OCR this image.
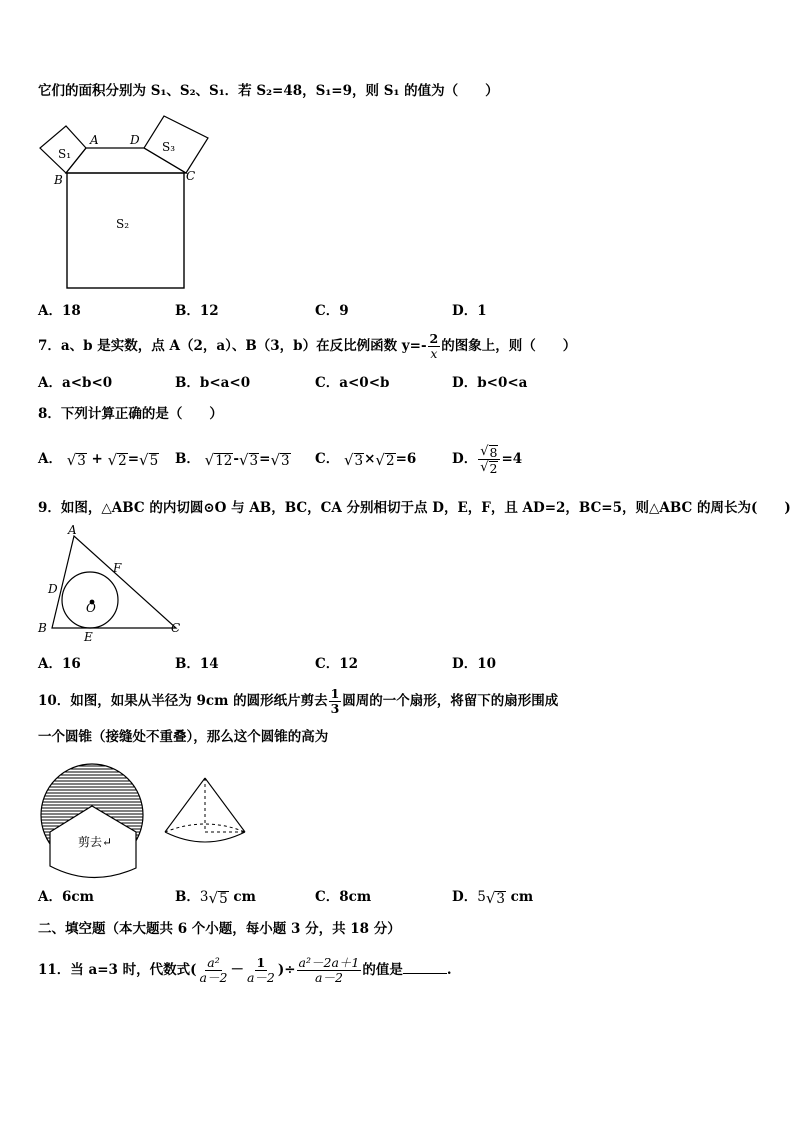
它们的面积分别为 S₁、S₂、S₁．若 S₂=48，S₁=9，则 S₁ 的值为（　　）
A	D
B	C
S₁	S₃
S₂
A．18	B．12	C．9	D．1
7．a、b 是实数，点 A（2，a）、B（3，b）在反比例函数 $y=- \frac{2}{x}$ 的图象上，则（　　）
A．a<b<0	B．b<a<0	C．a<0<b	D．b<0<a
8．下列计算正确的是（　　）
A． √ 3 + √ 2 = √ 5 B． √ 12 - √ 3 = √ 3 C． √ 3 × √ 2 =6	D． $\frac{√ 8}{√ 2} =4$
9．如图，△ABC 的内切圆⊙O 与 AB，BC，CA 分别相切于点 D，E，F，且 AD=2，BC=5，则△ABC 的周长为(　　)
A
B	C
D
E
F
O
A．16	B．14	C．12	D．10
10．如图，如果从半径为 9cm 的圆形纸片剪去 $\frac{1}{3}$ 圆周的一个扇形，将留下的扇形围成
一个圆锥（接缝处不重叠），那么这个圆锥的高为
剪去↵
A．6cm	B．3 √ 5 cm	C．8cm	D．5 √ 3 cm
二、填空题（本大题共 6 个小题，每小题 3 分，共 18 分）
11．当 a=3 时，代数式( $\frac{\text{a²}}{a-2} - \frac{1}{a-2}$ )÷ $\frac{\text{a²－2a＋1}}{a-2}$ 的值是	.
